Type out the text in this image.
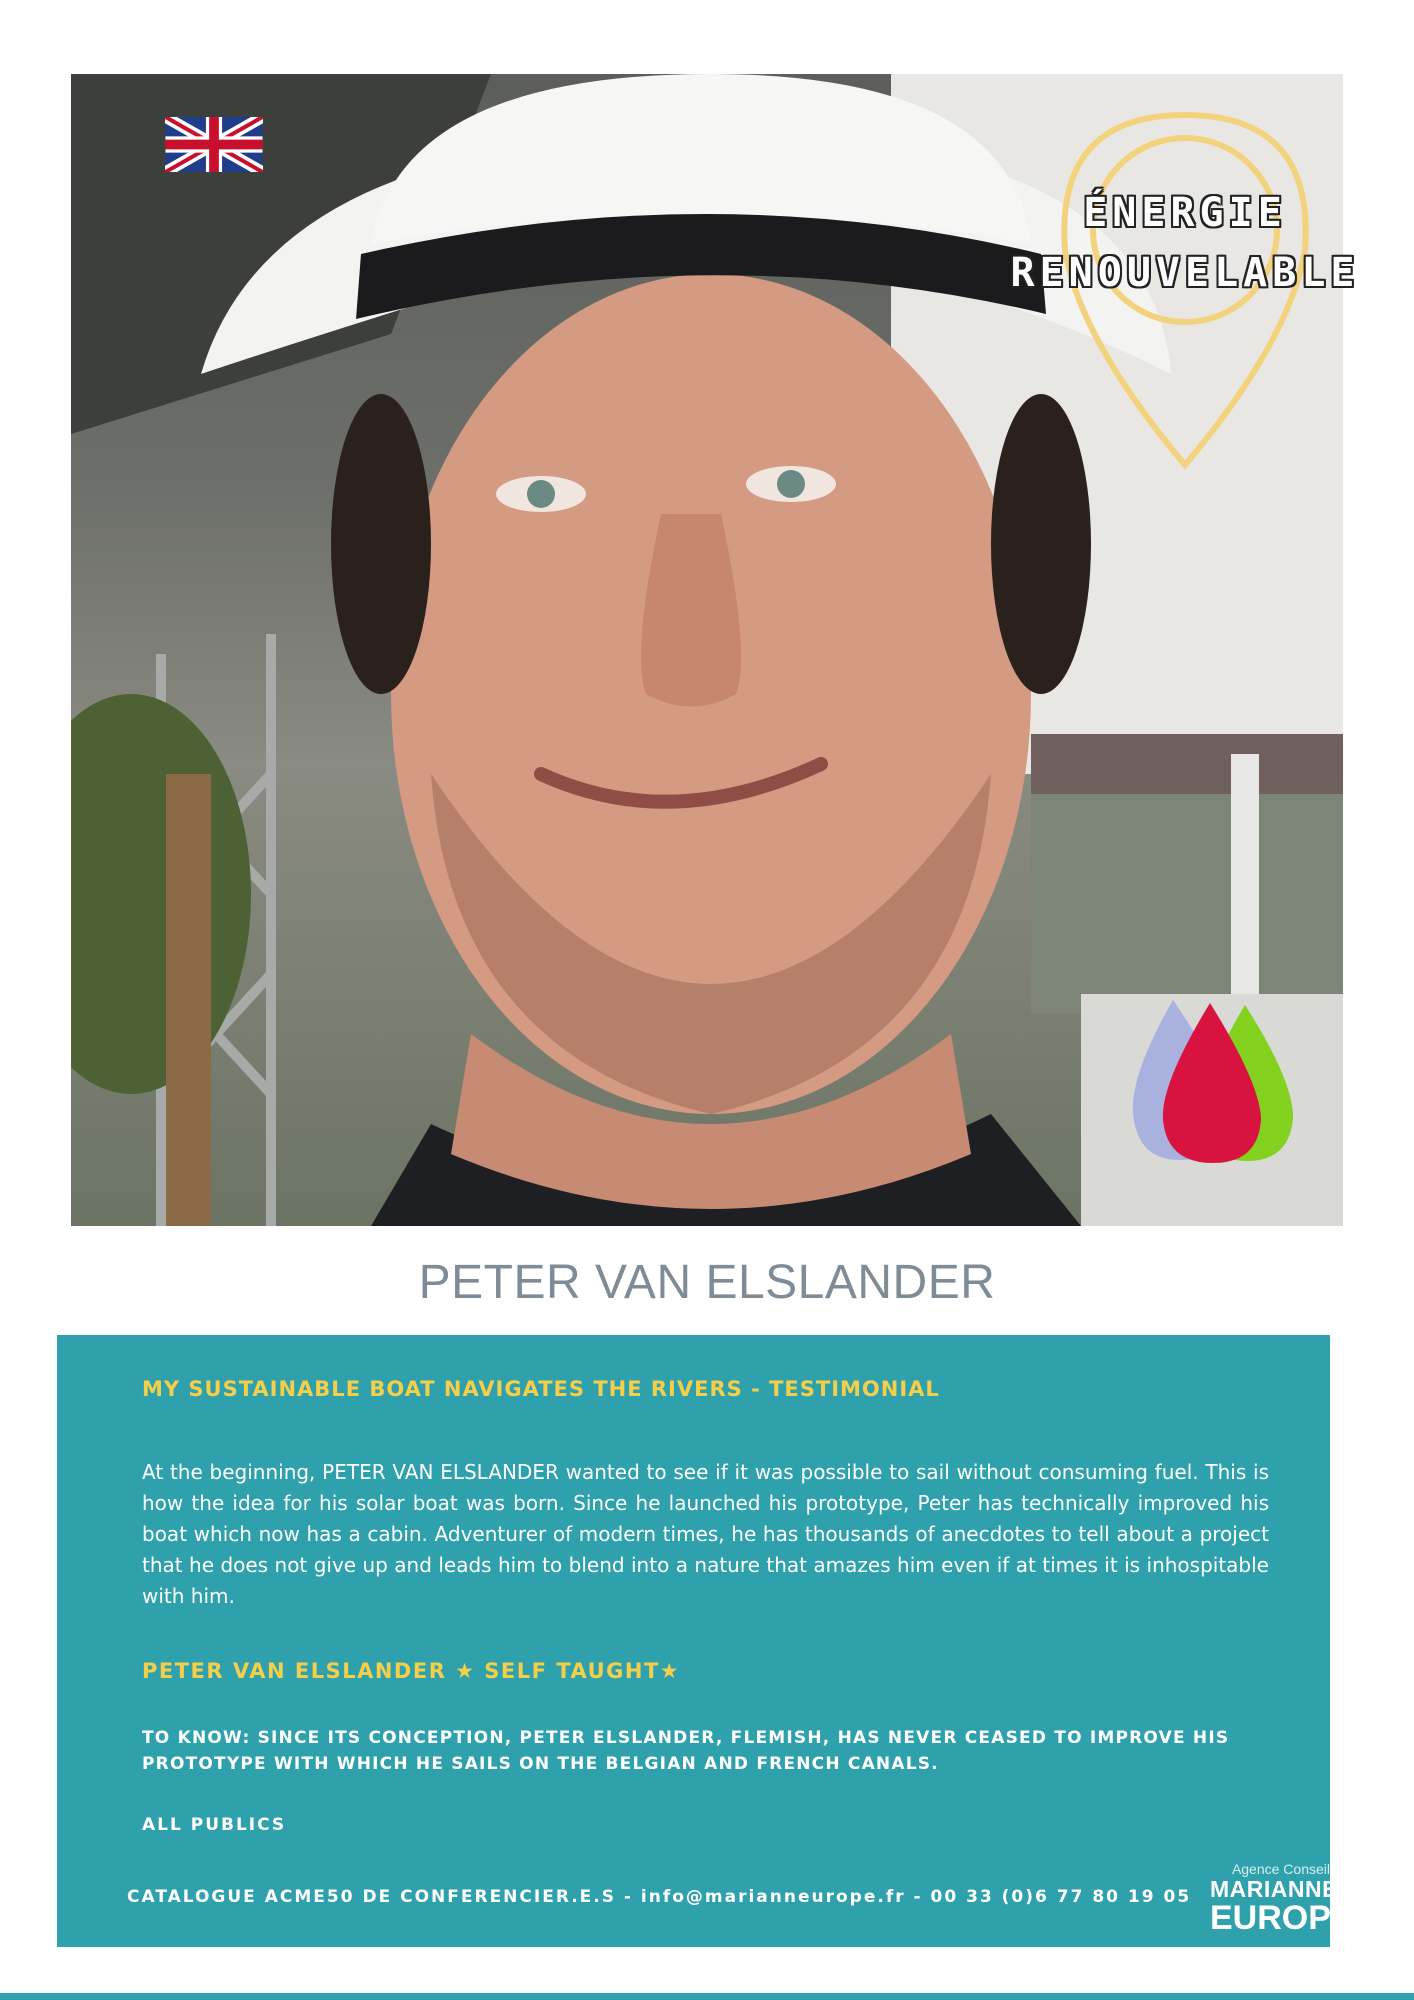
ÉNERGIE
RENOUVELABLE
PETER VAN ELSLANDER
MY SUSTAINABLE BOAT NAVIGATES THE RIVERS - TESTIMONIAL
At the beginning, PETER VAN ELSLANDER wanted to see if it was possible to sail without consuming fuel. This is how the idea for his solar boat was born. Since he launched his prototype, Peter has technically improved his boat which now has a cabin. Adventurer of modern times, he has thousands of anecdotes to tell about a project that he does not give up and leads him to blend into a nature that amazes him even if at times it is inhospitable with him.
PETER VAN ELSLANDER ★ SELF TAUGHT★
TO KNOW: SINCE ITS CONCEPTION, PETER ELSLANDER, FLEMISH, HAS NEVER CEASED TO IMPROVE HIS PROTOTYPE WITH WHICH HE SAILS ON THE BELGIAN AND FRENCH CANALS.
ALL PUBLICS
CATALOGUE ACME50 DE CONFERENCIER.E.S - info@marianneurope.fr - 00 33 (0)6 77 80 19 05
Agence Conseil
MARIANNE
EUROPE
